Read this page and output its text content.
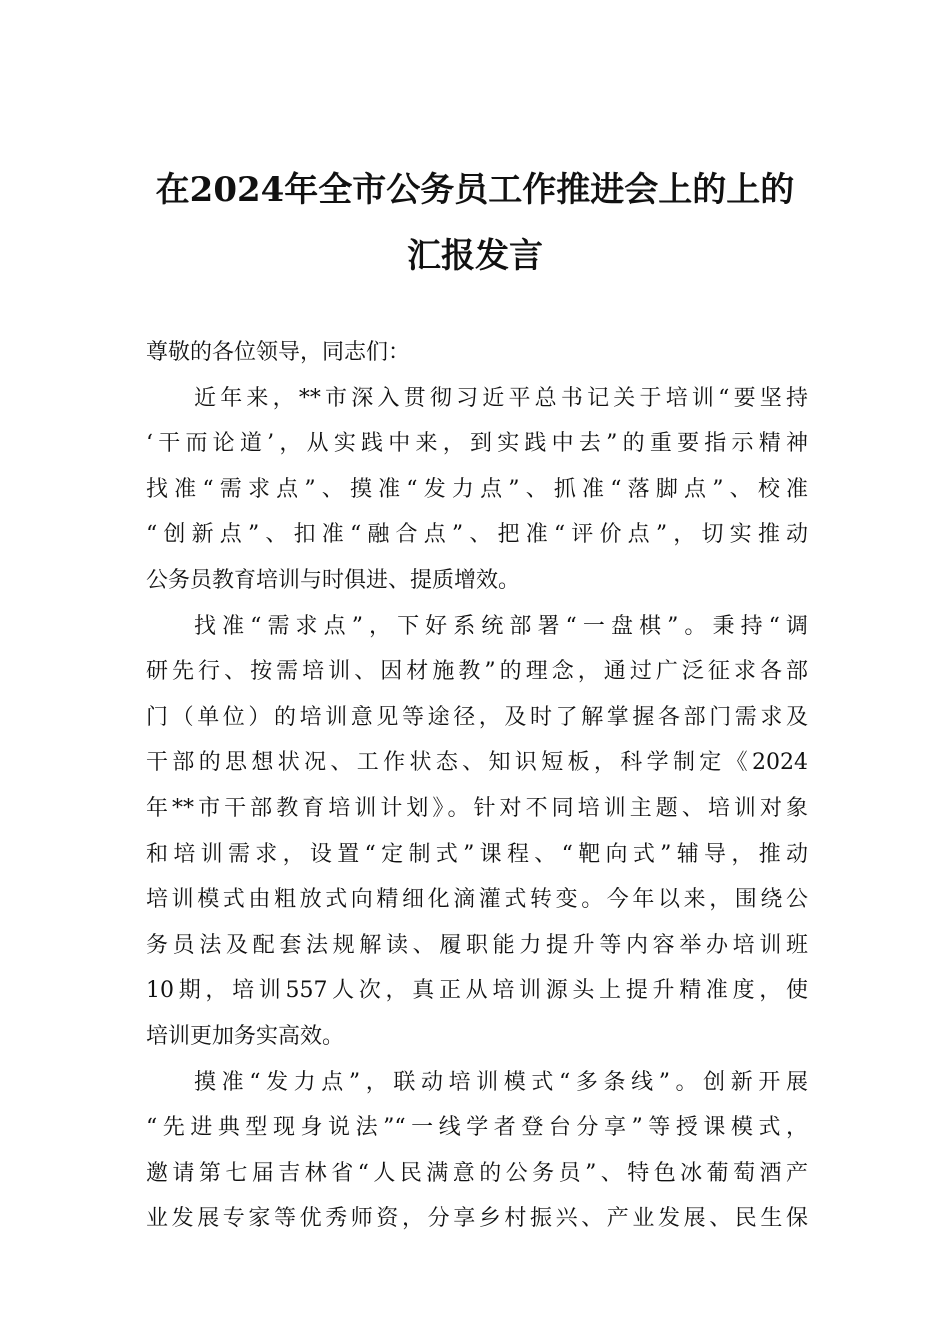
在2024年全市公务员工作推进会上的上的
汇报发言

尊敬的各位领导，同志们：

近年来，**市深入贯彻习近平总书记关于培训“要坚持
‘干而论道’，从实践中来，到实践中去”的重要指示精神
找准“需求点”、摸准“发力点”、抓准“落脚点”、校准
“创新点”、扣准“融合点”、把准“评价点”，切实推动
公务员教育培训与时俱进、提质增效。

找准“需求点”，下好系统部署“一盘棋”。秉持“调
研先行、按需培训、因材施教”的理念，通过广泛征求各部
门（单位）的培训意见等途径，及时了解掌握各部门需求及
干部的思想状况、工作状态、知识短板，科学制定《2024
年**市干部教育培训计划》。针对不同培训主题、培训对象
和培训需求，设置“定制式”课程、“靶向式”辅导，推动
培训模式由粗放式向精细化滴灌式转变。今年以来，围绕公
务员法及配套法规解读、履职能力提升等内容举办培训班
10期，培训557人次，真正从培训源头上提升精准度，使
培训更加务实高效。

摸准“发力点”，联动培训模式“多条线”。创新开展
“先进典型现身说法”“一线学者登台分享”等授课模式，
邀请第七届吉林省“人民满意的公务员”、特色冰葡萄酒产
业发展专家等优秀师资，分享乡村振兴、产业发展、民生保
